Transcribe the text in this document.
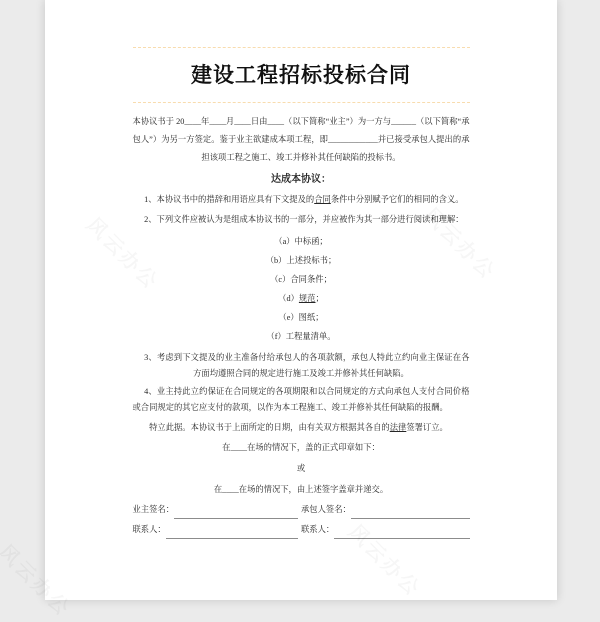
建设工程招标投标合同

本协议书于 20____年____月____日由____（以下简称“业主”）为一方与______（以下简称“承包人”）为另一方签定。鉴于业主欲建成本项工程，即____________并已接受承包人提出的承担该项工程之施工、竣工并修补其任何缺陷的投标书。

达成本协议：

1、本协议书中的措辞和用语应具有下文提及的合同条件中分别赋予它们的相同的含义。

2、下列文件应被认为是组成本协议书的一部分，并应被作为其一部分进行阅读和理解：

（a）中标函；

（b）上述投标书；

（c）合同条件；

（d）规范；

（e）图纸；

（f）工程量清单。

3、考虑到下文提及的业主准备付给承包人的各项款额，承包人特此立约向业主保证在各方面均遵照合同的规定进行施工及竣工并修补其任何缺陷。

4、业主持此立约保证在合同规定的各项期限和以合同规定的方式向承包人支付合同价格或合同规定的其它应支付的款项，以作为本工程施工、竣工并修补其任何缺陷的报酬。

特立此据。本协议书于上面所定的日期，由有关双方根据其各自的法律签署订立。

在____在场的情况下，盖的正式印章如下：

或

在____在场的情况下，由上述签字盖章并递交。

业主签名：	承包人签名：
联系人：	联系人：
